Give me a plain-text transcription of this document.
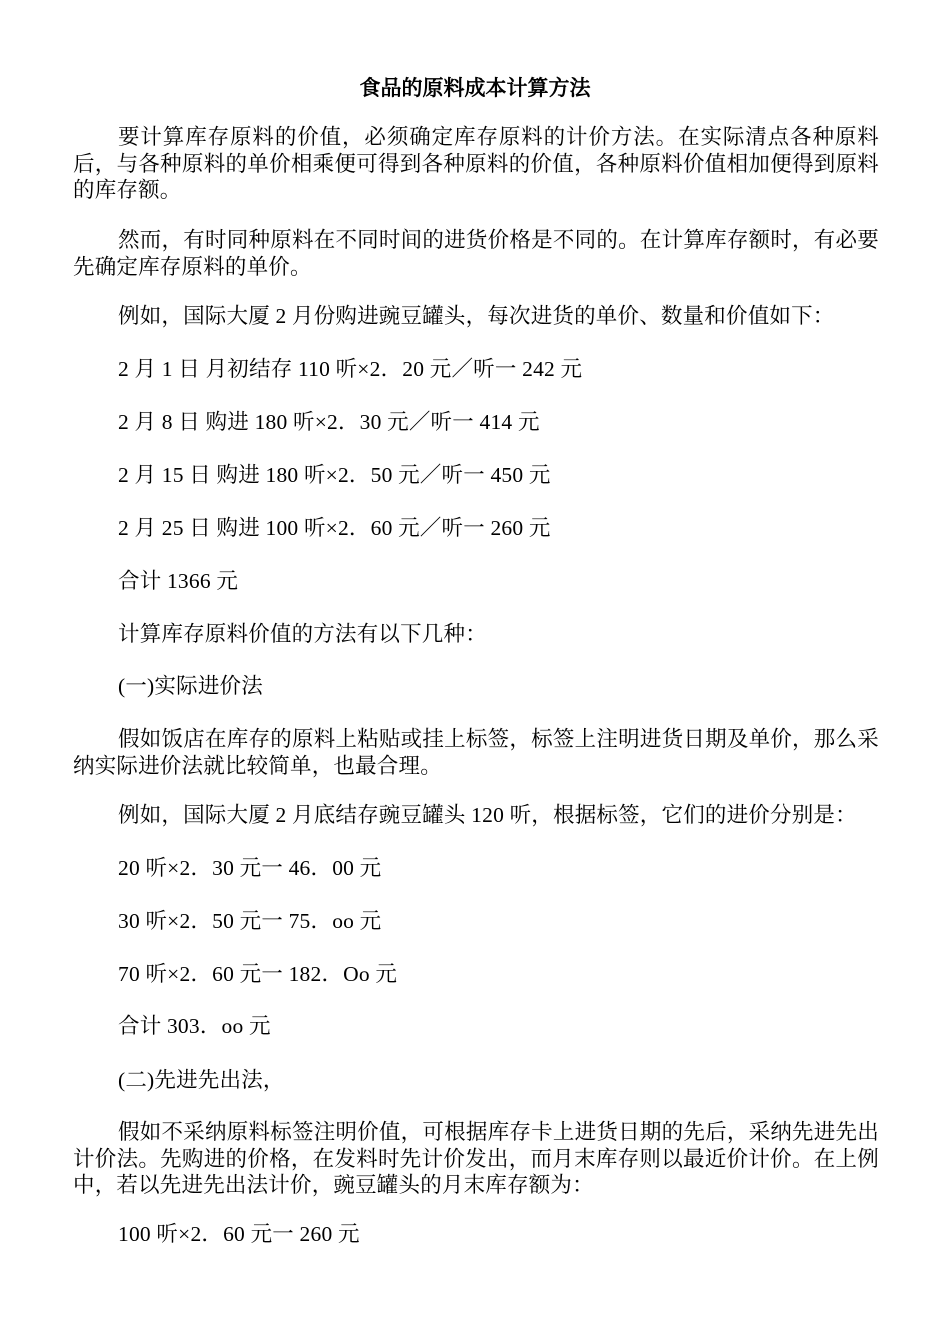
食品的原料成本计算方法

要计算库存原料的价值，必须确定库存原料的计价方法。在实际清点各种原料后，与各种原料的单价相乘便可得到各种原料的价值，各种原料价值相加便得到原料的库存额。

然而，有时同种原料在不同时间的进货价格是不同的。在计算库存额时，有必要先确定库存原料的单价。

例如，国际大厦 2 月份购进豌豆罐头，每次进货的单价、数量和价值如下：

2 月 1 日 月初结存 110 听×2．20 元／听一 242 元

2 月 8 日 购进 180 听×2．30 元／听一 414 元

2 月 15 日 购进 180 听×2．50 元／听一 450 元

2 月 25 日 购进 100 听×2．60 元／听一 260 元

合计 1366 元

计算库存原料价值的方法有以下几种：

(一)实际进价法

假如饭店在库存的原料上粘贴或挂上标签，标签上注明进货日期及单价，那么采纳实际进价法就比较简单，也最合理。

例如，国际大厦 2 月底结存豌豆罐头 120 听，根据标签，它们的进价分别是：

20 听×2．30 元一 46．00 元

30 听×2．50 元一 75．oo 元

70 听×2．60 元一 182．Oo 元

合计 303．oo 元

(二)先进先出法，

假如不采纳原料标签注明价值，可根据库存卡上进货日期的先后，采纳先进先出计价法。先购进的价格，在发料时先计价发出，而月末库存则以最近价计价。在上例中，若以先进先出法计价，豌豆罐头的月末库存额为：

100 听×2．60 元一 260 元
